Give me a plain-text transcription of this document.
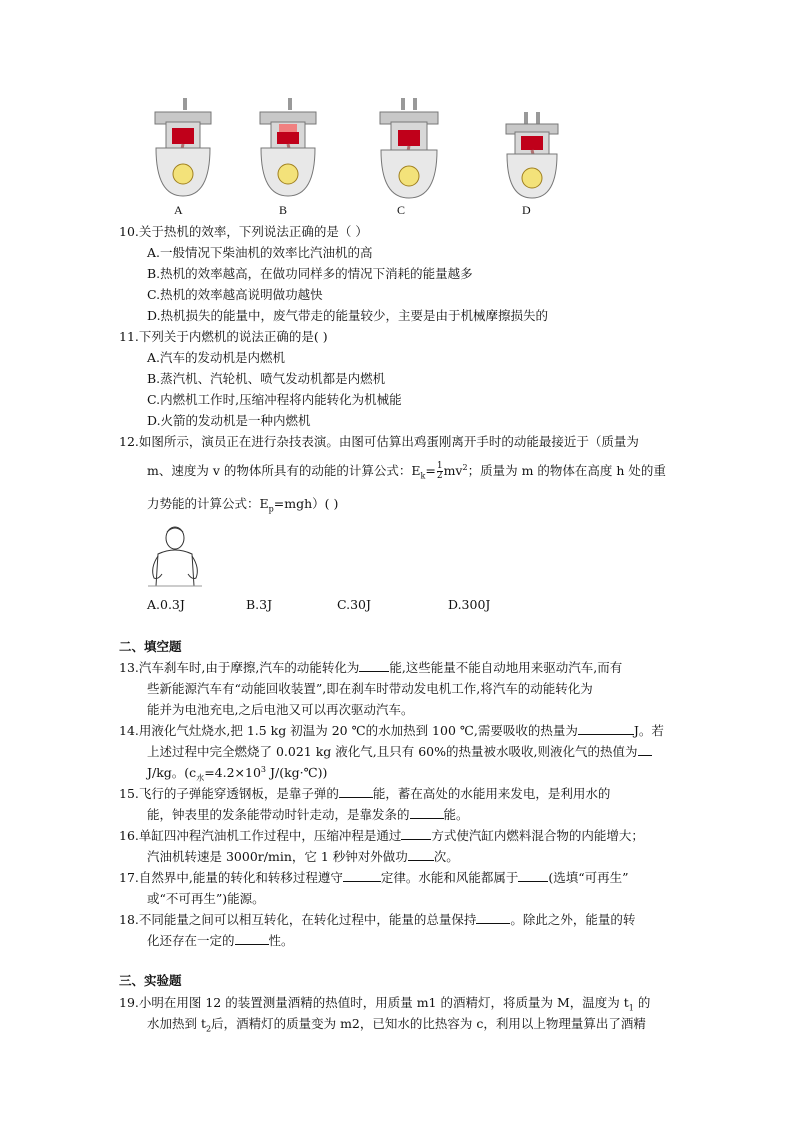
A	B	C	D
10.关于热机的效率，下列说法正确的是（ ）
A.一般情况下柴油机的效率比汽油机的高
B.热机的效率越高，在做功同样多的情况下消耗的能量越多
C.热机的效率越高说明做功越快
D.热机损失的能量中，废气带走的能量较少，主要是由于机械摩擦损失的
11.下列关于内燃机的说法正确的是( )
A.汽车的发动机是内燃机
B.蒸汽机、汽轮机、喷气发动机都是内燃机
C.内燃机工作时,压缩冲程将内能转化为机械能
D.火箭的发动机是一种内燃机
12.如图所示，演员正在进行杂技表演。由图可估算出鸡蛋刚离开手时的动能最接近于（质量为
m、速度为 v 的物体所具有的动能的计算公式：$E_k= \frac{1}{2} mv^2$；质量为 m 的物体在高度 h 处的重
力势能的计算公式：$E_p=mgh$）( )
A.0.3J	B.3J	C.30J	D.300J
二、填空题
13.汽车刹车时,由于摩擦,汽车的动能转化为 能,这些能量不能自动地用来驱动汽车,而有
些新能源汽车有“动能回收装置”,即在刹车时带动发电机工作,将汽车的动能转化为
能并为电池充电,之后电池又可以再次驱动汽车。
14.用液化气灶烧水,把 1.5 kg 初温为 20 ℃的水加热到 100 ℃,需要吸收的热量为	J。若
上述过程中完全燃烧了 0.021 kg 液化气,且只有 60%的热量被水吸收,则液化气的热值为
J/kg。($c_水=4.2\times 10^3$ J/(kg·℃))
15.飞行的子弹能穿透钢板，是靠子弹的	能，蓄在高处的水能用来发电，是利用水的
能，钟表里的发条能带动时针走动，是靠发条的	能。
16.单缸四冲程汽油机工作过程中，压缩冲程是通过 方式使汽缸内燃料混合物的内能增大；
汽油机转速是 3000r/min，它 1 秒钟对外做功 次。
17.自然界中,能量的转化和转移过程遵守	定律。水能和风能都属于 (选填“可再生”
或“不可再生”)能源。
18.不同能量之间可以相互转化，在转化过程中，能量的总量保持	。除此之外，能量的转
化还存在一定的	性。
三、实验题
19.小明在用图 12 的装置测量酒精的热值时，用质量 m1 的酒精灯，将质量为 M，温度为 $t_1$ 的
水加热到 $t_2$后，酒精灯的质量变为 m2，已知水的比热容为 c，利用以上物理量算出了酒精
